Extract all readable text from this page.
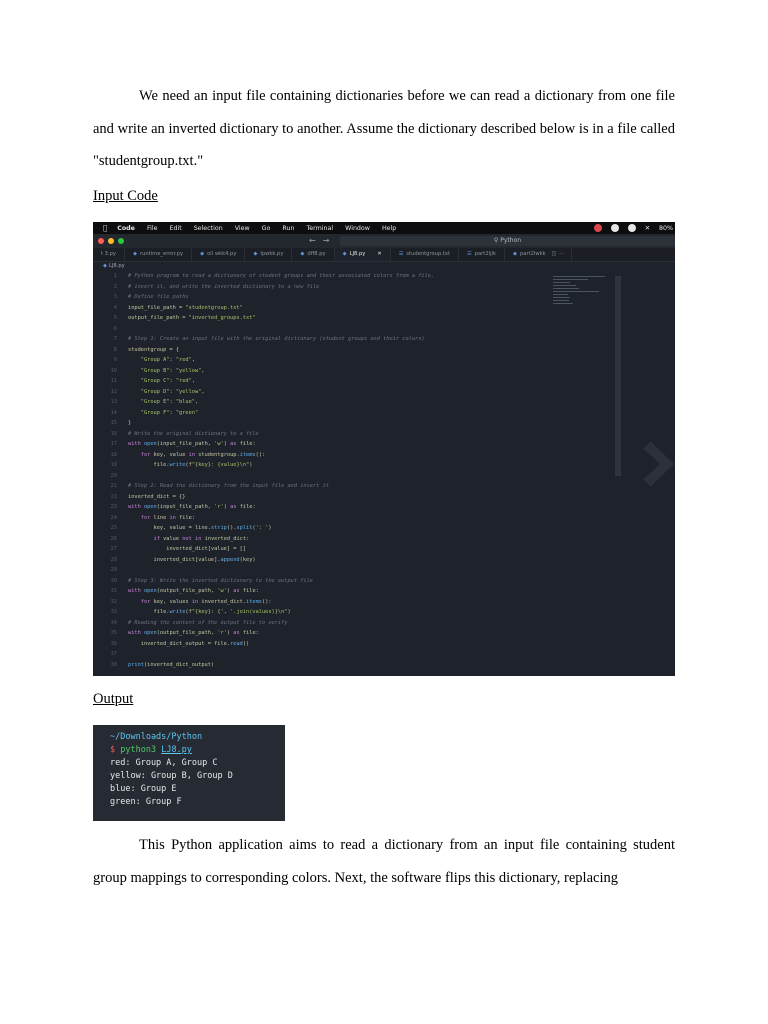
We need an input file containing dictionaries before we can read a dictionary from one file and write an inverted dictionary to another. Assume the dictionary described below is in a file called "studentgroup.txt."

Input Code

Code File Edit Selection View Go Run Terminal Window Help	✕ 80%
←→	⚲ Python
t 3.py	◆ runtime_error.py	◆ oil wkk4.py	◆ lpwkk.py	◆ dff8.py	◆ LJ8.py ✕	☰ studentgroup.txt	☰ part2ljik	◆ part2lwkk ◫ ⋯
◆ LJ8.py
1 # Python program to read a dictionary of student groups and their associated colors from a file,
2 # invert it, and write the inverted dictionary to a new file
3 # Define file paths
4 input_file_path = "studentgroup.txt"
5 output_file_path = "inverted_groups.txt"
6
7 # Step 1: Create an input file with the original dictionary (student groups and their colors)
8 studentgroup = {
9	"Group A": "red",
10	"Group B": "yellow",
11	"Group C": "red",
12	"Group D": "yellow",
13	"Group E": "blue",
14	"Group F": "green"
15 }
16 # Write the original dictionary to a file
17 with open(input_file_path, 'w') as file:
18	for key, value in studentgroup.items():
19        file.write(f"{key}: {value}\n")
20
21 # Step 2: Read the dictionary from the input file and invert it
22 inverted_dict = {}
23 with open(input_file_path, 'r') as file:
24	for line in file:
25        key, value = line.strip().split(': ')
26	if value not in inverted_dict:
27            inverted_dict[value] = []
28        inverted_dict[value].append(key)
29
30 # Step 3: Write the inverted dictionary to the output file
31 with open(output_file_path, 'w') as file:
32	for key, values in inverted_dict.items():
33        file.write(f"{key}: {', '.join(values)}\n")
34 # Reading the content of the output file to verify
35 with open(output_file_path, 'r') as file:
36    inverted_dict_output = file.read()
37
38 print(inverted_dict_output)

Output

~/Downloads/Python
$ python3 LJ8.py
red: Group A, Group C
yellow: Group B, Group D
blue: Group E
green: Group F

This Python application aims to read a dictionary from an input file containing student group mappings to corresponding colors. Next, the software flips this dictionary, replacing
